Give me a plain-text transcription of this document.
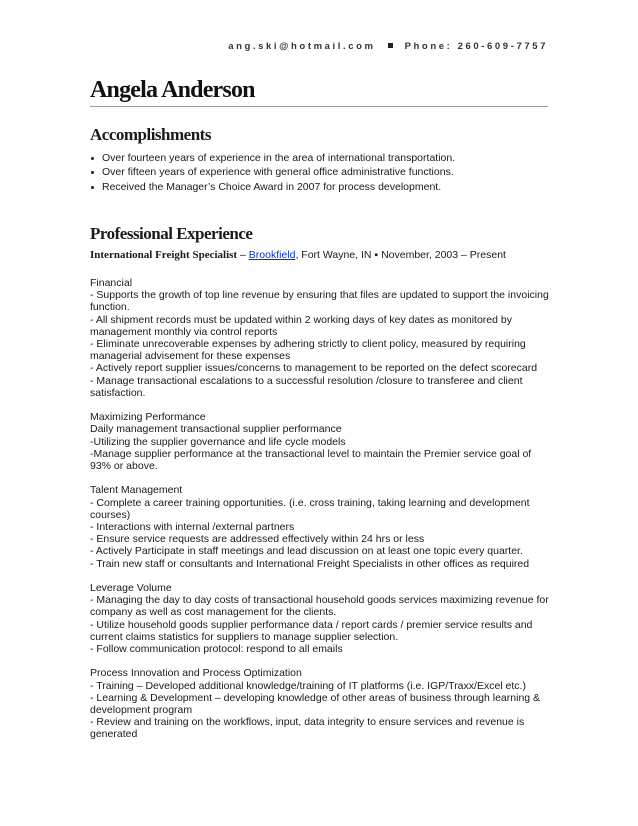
ang.ski@hotmail.com	Phone: 260-609-7757
Angela Anderson
Accomplishments
Over fourteen years of experience in the area of international transportation.
Over fifteen years of experience with general office administrative functions.
Received the Manager’s Choice Award in 2007 for process development.
Professional Experience
International Freight Specialist – Brookfield, Fort Wayne, IN ▪ November, 2003 – Present
Financial
- Supports the growth of top line revenue by ensuring that files are updated to support the invoicing
function.
- All shipment records must be updated within 2 working days of key dates as monitored by
management monthly via control reports
- Eliminate unrecoverable expenses by adhering strictly to client policy, measured by requiring
managerial advisement for these expenses
- Actively report supplier issues/concerns to management to be reported on the defect scorecard
- Manage transactional escalations to a successful resolution /closure to transferee and client
satisfaction.
Maximizing Performance
Daily management transactional supplier performance
-Utilizing the supplier governance and life cycle models
-Manage supplier performance at the transactional level to maintain the Premier service goal of
93% or above.
Talent Management
- Complete a career training opportunities. (i.e. cross training, taking learning and development
courses)
- Interactions with internal /external partners
- Ensure service requests are addressed effectively within 24 hrs or less
- Actively Participate in staff meetings and lead discussion on at least one topic every quarter.
- Train new staff or consultants and International Freight Specialists in other offices as required
Leverage Volume
- Managing the day to day costs of transactional household goods services maximizing revenue for
company as well as cost management for the clients.
- Utilize household goods supplier performance data / report cards / premier service results and
current claims statistics for suppliers to manage supplier selection.
- Follow communication protocol: respond to all emails
Process Innovation and Process Optimization
- Training – Developed additional knowledge/training of IT platforms (i.e. IGP/Traxx/Excel etc.)
- Learning & Development – developing knowledge of other areas of business through learning &
development program
- Review and training on the workflows, input, data integrity to ensure services and revenue is
generated
